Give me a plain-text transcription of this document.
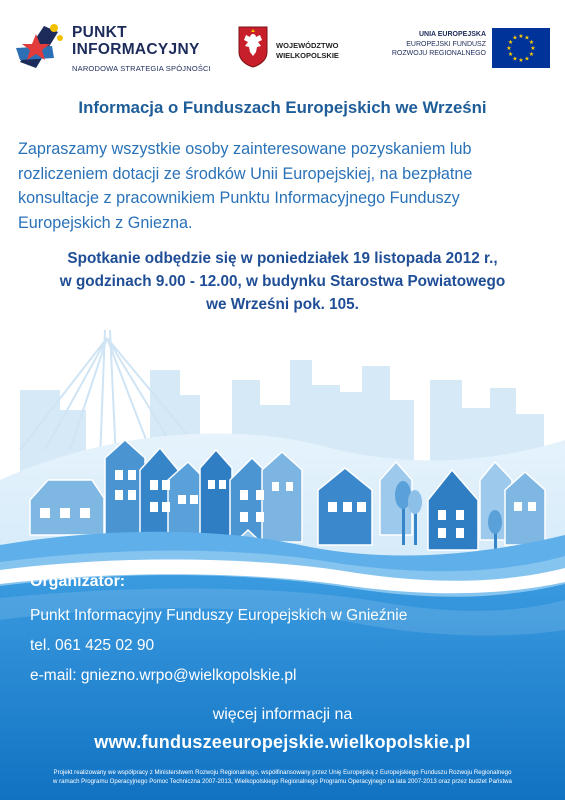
PUNKT
INFORMACYJNY
NARODOWA STRATEGIA SPÓJNOŚCI
WOJEWÓDZTWO
WIELKOPOLSKIE
UNIA EUROPEJSKA
EUROPEJSKI FUNDUSZ
ROZWOJU REGIONALNEGO
★ ★
★
★
★
★
★
★
★
★
★
★
Informacja o Funduszach Europejskich we Wrześni
Zapraszamy wszystkie osoby zainteresowane pozyskaniem lub
rozliczeniem dotacji ze środków Unii Europejskiej, na bezpłatne
konsultacje z pracownikiem Punktu Informacyjnego Funduszy
Europejskich z Gniezna.
Spotkanie odbędzie się w poniedziałek 19 listopada 2012 r.,
w godzinach 9.00 - 12.00, w budynku Starostwa Powiatowego
we Wrześni pok. 105.
Organizator:
Punkt Informacyjny Funduszy Europejskich w Gnieźnie
tel. 061 425 02 90
e-mail: gniezno.wrpo@wielkopolskie.pl
więcej informacji na
www.funduszeeuropejskie.wielkopolskie.pl
Projekt realizowany we współpracy z Ministerstwem Rozwoju Regionalnego, współfinansowany przez Unię Europejską z Europejskiego Funduszu Rozwoju Regionalnego
w ramach Programu Operacyjnego Pomoc Techniczna 2007-2013, Wielkopolskiego Regionalnego Programu Operacyjnego na lata 2007-2013 oraz przez budżet Państwa
